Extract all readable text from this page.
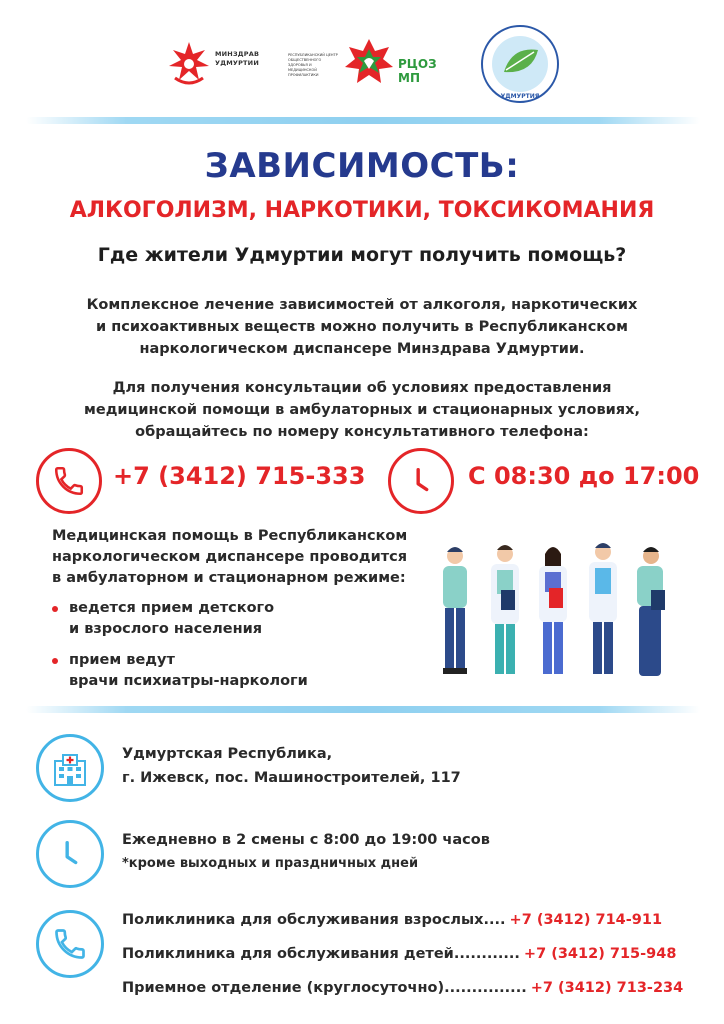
МИНЗДРАВ УДМУРТИИ
РЕСПУБЛИКАНСКИЙ ЦЕНТР ОБЩЕСТВЕННОГО ЗДОРОВЬЯ И МЕДИЦИНСКОЙ ПРОФИЛАКТИКИ
РЦОЗ МП
УДМУРТИЯ
ЗАВИСИМОСТЬ:
АЛКОГОЛИЗМ, НАРКОТИКИ, ТОКСИКОМАНИЯ
Где жители Удмуртии могут получить помощь?
Комплексное лечение зависимостей от алкоголя, наркотических
и психоактивных веществ можно получить в Республиканском
наркологическом диспансере Минздрава Удмуртии.
Для получения консультации об условиях предоставления
медицинской помощи в амбулаторных и стационарных условиях,
обращайтесь по номеру консультативного телефона:
+7 (3412) 715-333	С 08:30 до 17:00
Медицинская помощь в Республиканском
наркологическом диспансере проводится
в амбулаторном и стационарном режиме:
ведется прием детского
и взрослого населения
прием ведут
врачи психиатры-наркологи
Удмуртская Республика,
г. Ижевск, пос. Машиностроителей, 117
Ежедневно в 2 смены с 8:00 до 19:00 часов
*кроме выходных и праздничных дней
Поликлиника для обслуживания взрослых.... +7 (3412) 714-911
Поликлиника для обслуживания детей............ +7 (3412) 715-948
Приемное отделение (круглосуточно)............... +7 (3412) 713-234
